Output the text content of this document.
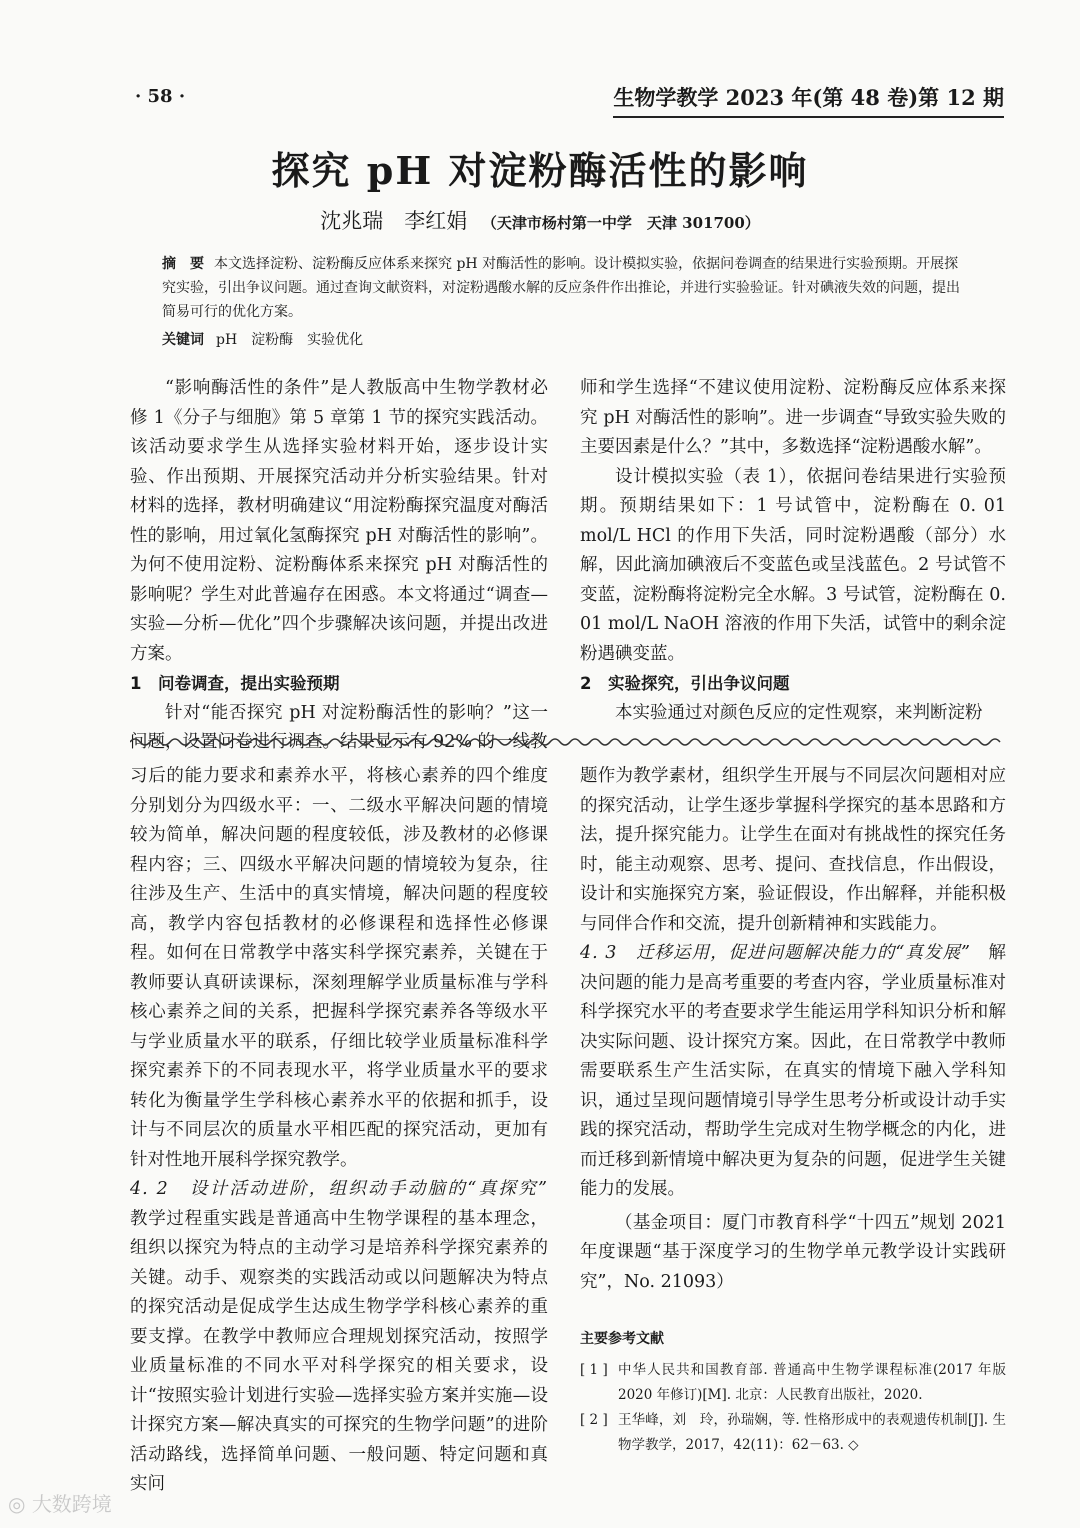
· 58 ·	生物学教学 2023 年(第 48 卷)第 12 期
探究 pH 对淀粉酶活性的影响
沈兆瑞　李红娟 （天津市杨村第一中学　天津 301700）
摘　要 本文选择淀粉、淀粉酶反应体系来探究 pH 对酶活性的影响。设计模拟实验，依据问卷调查的结果进行实验预期。开展探究实验，引出争议问题。通过查询文献资料，对淀粉遇酸水解的反应条件作出推论，并进行实验验证。针对碘液失效的问题，提出简易可行的优化方案。
关键词 pH　淀粉酶　实验优化

“影响酶活性的条件”是人教版高中生物学教材必修 1《分子与细胞》第 5 章第 1 节的探究实践活动。该活动要求学生从选择实验材料开始，逐步设计实验、作出预期、开展探究活动并分析实验结果。针对材料的选择，教材明确建议“用淀粉酶探究温度对酶活性的影响，用过氧化氢酶探究 pH 对酶活性的影响”。为何不使用淀粉、淀粉酶体系来探究 pH 对酶活性的影响呢？学生对此普遍存在困惑。本文将通过“调查—实验—分析—优化”四个步骤解决该问题，并提出改进方案。

1　问卷调查，提出实验预期

针对“能否探究 pH 对淀粉酶活性的影响？”这一问题，设置问卷进行调查。结果显示有 92% 的一线教

师和学生选择“不建议使用淀粉、淀粉酶反应体系来探究 pH 对酶活性的影响”。进一步调查“导致实验失败的主要因素是什么？”其中，多数选择“淀粉遇酸水解”。

设计模拟实验（表 1），依据问卷结果进行实验预期。预期结果如下：1 号试管中，淀粉酶在 0. 01 mol/L HCl 的作用下失活，同时淀粉遇酸（部分）水解，因此滴加碘液后不变蓝色或呈浅蓝色。2 号试管不变蓝，淀粉酶将淀粉完全水解。3 号试管，淀粉酶在 0. 01 mol/L NaOH 溶液的作用下失活，试管中的剩余淀粉遇碘变蓝。

2　实验探究，引出争议问题

本实验通过对颜色反应的定性观察，来判断淀粉

习后的能力要求和素养水平，将核心素养的四个维度分别划分为四级水平：一、二级水平解决问题的情境较为简单，解决问题的程度较低，涉及教材的必修课程内容；三、四级水平解决问题的情境较为复杂，往往涉及生产、生活中的真实情境，解决问题的程度较高，教学内容包括教材的必修课程和选择性必修课程。如何在日常教学中落实科学探究素养，关键在于教师要认真研读课标，深刻理解学业质量标准与学科核心素养之间的关系，把握科学探究素养各等级水平与学业质量水平的联系，仔细比较学业质量标准科学探究素养下的不同表现水平，将学业质量水平的要求转化为衡量学生学科核心素养水平的依据和抓手，设计与不同层次的质量水平相匹配的探究活动，更加有针对性地开展科学探究教学。

4. 2　设计活动进阶，组织动手动脑的“真探究”　教学过程重实践是普通高中生物学课程的基本理念，组织以探究为特点的主动学习是培养科学探究素养的关键。动手、观察类的实践活动或以问题解决为特点的探究活动是促成学生达成生物学学科核心素养的重要支撑。在教学中教师应合理规划探究活动，按照学业质量标准的不同水平对科学探究的相关要求，设计“按照实验计划进行实验—选择实验方案并实施—设计探究方案—解决真实的可探究的生物学问题”的进阶活动路线，选择简单问题、一般问题、特定问题和真实问

题作为教学素材，组织学生开展与不同层次问题相对应的探究活动，让学生逐步掌握科学探究的基本思路和方法，提升探究能力。让学生在面对有挑战性的探究任务时，能主动观察、思考、提问、查找信息，作出假设，设计和实施探究方案，验证假设，作出解释，并能积极与同伴合作和交流，提升创新精神和实践能力。

4. 3　迁移运用，促进问题解决能力的“真发展”　 解决问题的能力是高考重要的考查内容，学业质量标准对科学探究水平的考查要求学生能运用学科知识分析和解决实际问题、设计探究方案。因此，在日常教学中教师需要联系生产生活实际，在真实的情境下融入学科知识，通过呈现问题情境引导学生思考分析或设计动手实践的探究活动，帮助学生完成对生物学概念的内化，进而迁移到新情境中解决更为复杂的问题，促进学生关键能力的发展。

（基金项目：厦门市教育科学“十四五”规划 2021 年度课题“基于深度学习的生物学单元教学设计实践研究”，No. 21093）

主要参考文献
[ 1 ] 中华人民共和国教育部. 普通高中生物学课程标准(2017 年版 2020 年修订)[M]. 北京：人民教育出版社，2020.
[ 2 ] 王华峰，刘　玲，孙瑞娴，等. 性格形成中的表观遗传机制[J]. 生物学教学，2017，42(11)：62－63. ◇
◎ 大数跨境
